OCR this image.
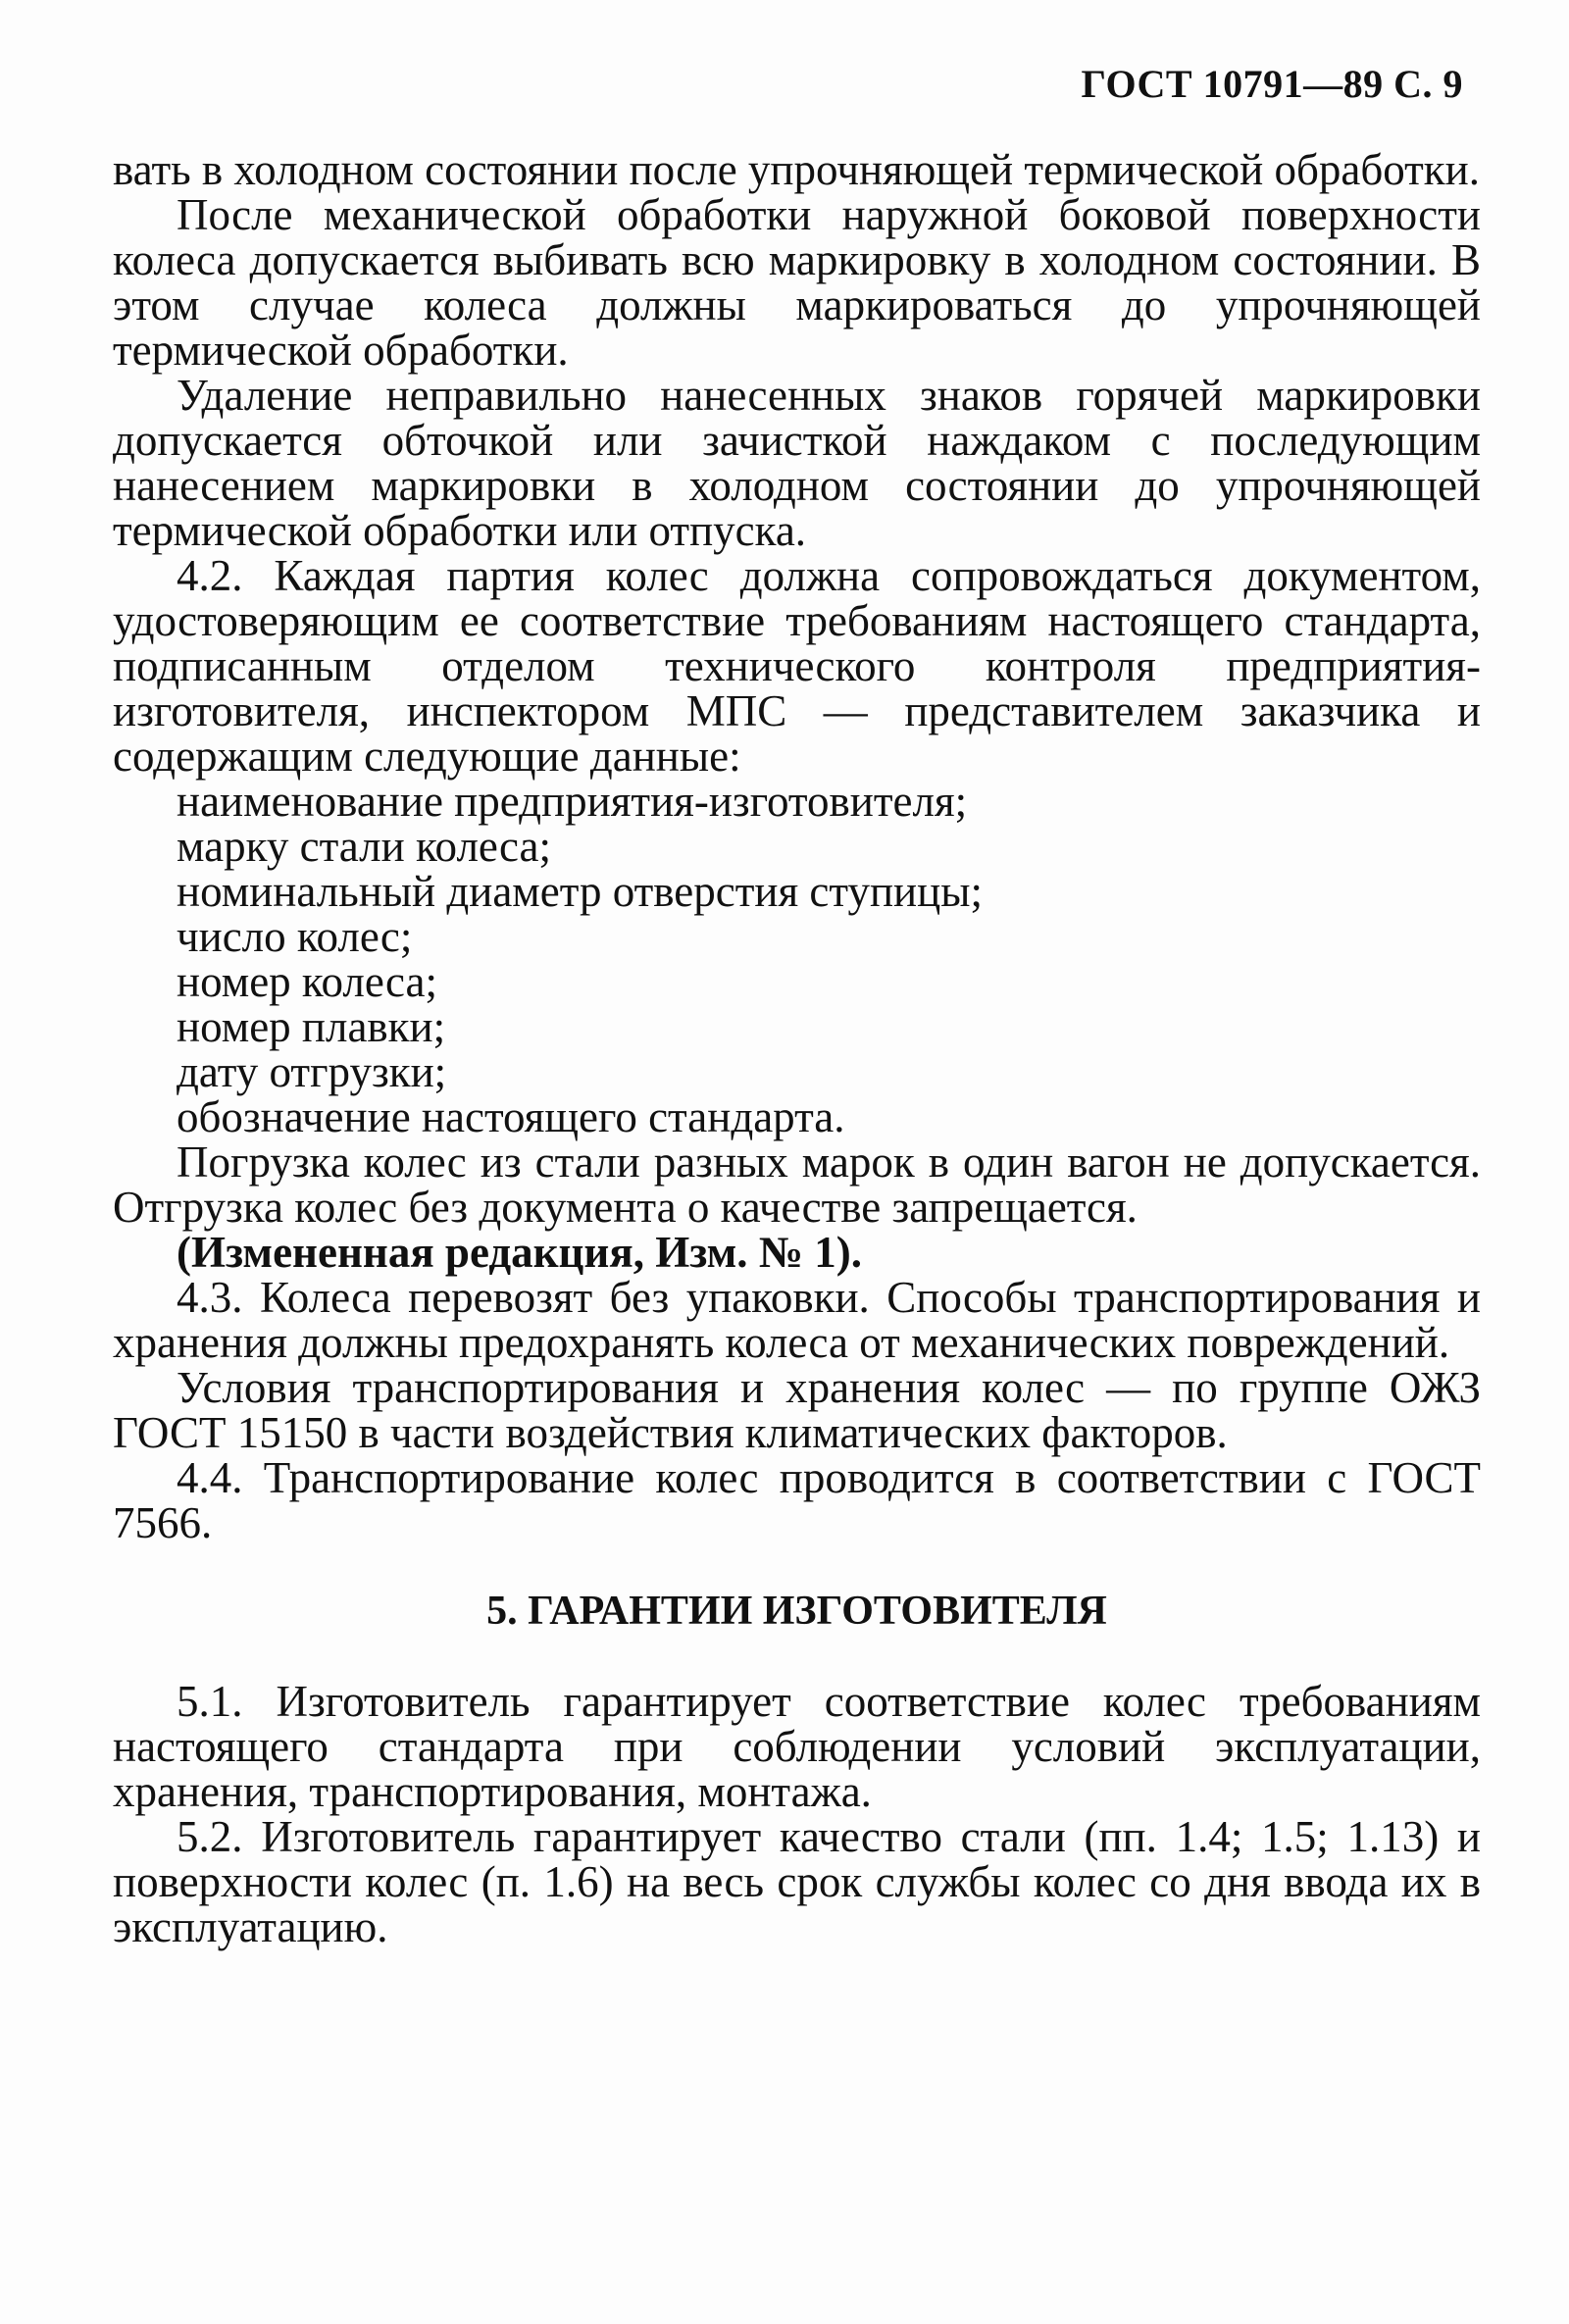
ГОСТ 10791—89 С. 9

вать в холодном состоянии после упрочняющей термической обработки.

После механической обработки наружной боковой поверхности колеса допускается выбивать всю маркировку в холодном состоянии. В этом случае колеса должны маркироваться до упрочняющей термической обработки.

Удаление неправильно нанесенных знаков горячей маркировки допускается обточкой или зачисткой наждаком с последующим нанесением маркировки в холодном состоянии до упрочняющей термической обработки или отпуска.

4.2. Каждая партия колес должна сопровождаться документом, удостоверяющим ее соответствие требованиям настоящего стандарта, подписанным отделом технического контроля предприятия-изготовителя, инспектором МПС — представителем заказчика и содержащим следующие данные:

наименование предприятия-изготовителя;
марку стали колеса;
номинальный диаметр отверстия ступицы;
число колес;
номер колеса;
номер плавки;
дату отгрузки;
обозначение настоящего стандарта.

Погрузка колес из стали разных марок в один вагон не допускается. Отгрузка колес без документа о качестве запрещается.

(Измененная редакция, Изм. № 1).

4.3. Колеса перевозят без упаковки. Способы транспортирования и хранения должны предохранять колеса от механических повреждений.

Условия транспортирования и хранения колес — по группе ОЖЗ ГОСТ 15150 в части воздействия климатических факторов.

4.4. Транспортирование колес проводится в соответствии с ГОСТ 7566.

5. ГАРАНТИИ ИЗГОТОВИТЕЛЯ

5.1. Изготовитель гарантирует соответствие колес требованиям настоящего стандарта при соблюдении условий эксплуатации, хранения, транспортирования, монтажа.

5.2. Изготовитель гарантирует качество стали (пп. 1.4; 1.5; 1.13) и поверхности колес (п. 1.6) на весь срок службы колес со дня ввода их в эксплуатацию.
